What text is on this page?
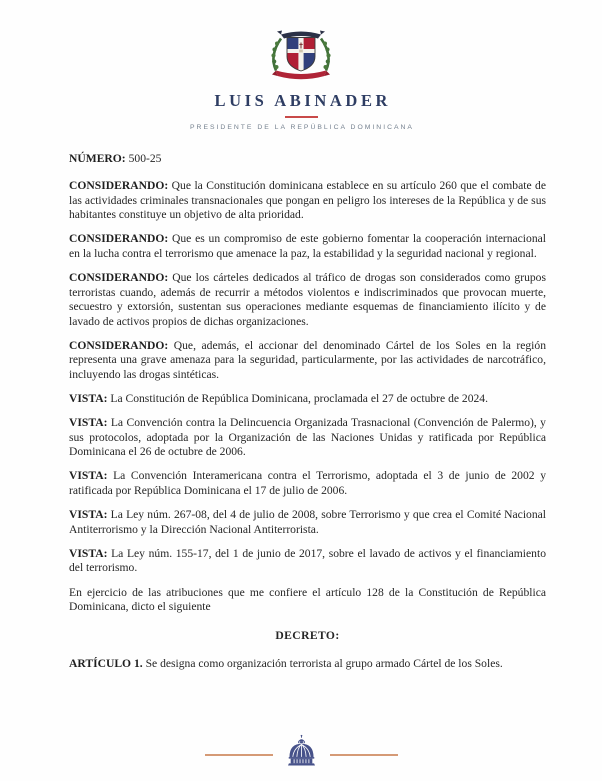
LUIS ABINADER
PRESIDENTE DE LA REPÚBLICA DOMINICANA

NÚMERO: 500-25

CONSIDERANDO: Que la Constitución dominicana establece en su artículo 260 que el combate de las actividades criminales transnacionales que pongan en peligro los intereses de la República y de sus habitantes constituye un objetivo de alta prioridad.

CONSIDERANDO: Que es un compromiso de este gobierno fomentar la cooperación internacional en la lucha contra el terrorismo que amenace la paz, la estabilidad y la seguridad nacional y regional.

CONSIDERANDO: Que los cárteles dedicados al tráfico de drogas son considerados como grupos terroristas cuando, además de recurrir a métodos violentos e indiscriminados que provocan muerte, secuestro y extorsión, sustentan sus operaciones mediante esquemas de financiamiento ilícito y de lavado de activos propios de dichas organizaciones.

CONSIDERANDO: Que, además, el accionar del denominado Cártel de los Soles en la región representa una grave amenaza para la seguridad, particularmente, por las actividades de narcotráfico, incluyendo las drogas sintéticas.

VISTA: La Constitución de República Dominicana, proclamada el 27 de octubre de 2024.

VISTA: La Convención contra la Delincuencia Organizada Trasnacional (Convención de Palermo), y sus protocolos, adoptada por la Organización de las Naciones Unidas y ratificada por República Dominicana el 26 de octubre de 2006.

VISTA: La Convención Interamericana contra el Terrorismo, adoptada el 3 de junio de 2002 y ratificada por República Dominicana el 17 de julio de 2006.

VISTA: La Ley núm. 267-08, del 4 de julio de 2008, sobre Terrorismo y que crea el Comité Nacional Antiterrorismo y la Dirección Nacional Antiterrorista.

VISTA: La Ley núm. 155-17, del 1 de junio de 2017, sobre el lavado de activos y el financiamiento del terrorismo.

En ejercicio de las atribuciones que me confiere el artículo 128 de la Constitución de República Dominicana, dicto el siguiente

DECRETO:

ARTÍCULO 1. Se designa como organización terrorista al grupo armado Cártel de los Soles.
